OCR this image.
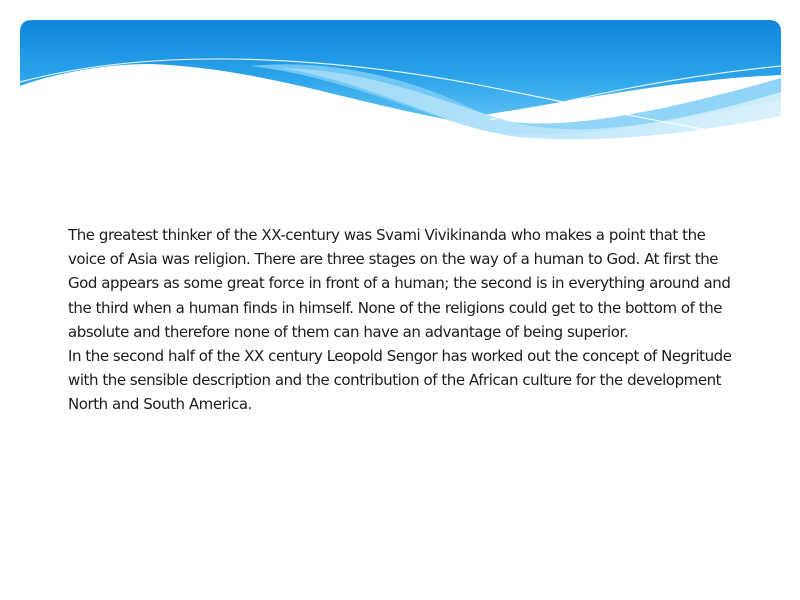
The greatest thinker of the XX-century was Svami Vivikinanda who makes a point that the voice of Asia was religion. There are three stages on the way of a human to God. At first the God appears as some great force in front of a human; the second is in everything around and the third when a human finds in himself. None of the religions could get to the bottom of the absolute and therefore none of them can have an advantage of being superior.

In the second half of the XX century Leopold Sengor has worked out the concept of Negritude with the sensible description and the contribution of the African culture for the development North and South America.
